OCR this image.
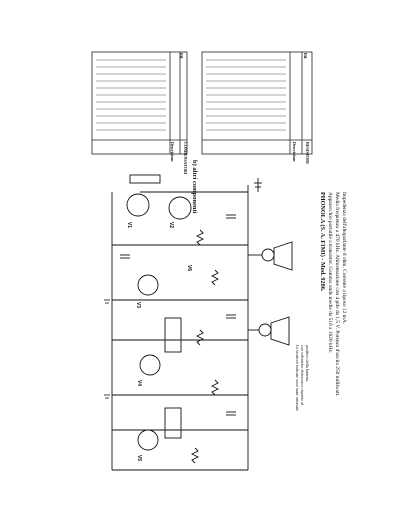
b) altri componenti
CONDENSATORI
Descrizione
Rif.
RESISTORI
Descrizione
Rif.
V1	V2
V3
V4
V5
V6	PHONOLA (S. A. FIMI) - Mod. 9286. Apparecchio portatile a transistor. Gamma onde medie da 518 a 1620 kHz. Media frequenza a 470 kHz. Alimentazione con 4 pile da 1,5 V. Potenza d'uscita 250 milliwatt. Impedenza dell'altoparlante 8 ohm. Corrente a riposo 12 mA.
Le tensioni indicate sono state misurate con voltmetro elettronico rispetto al positivo della batteria.
